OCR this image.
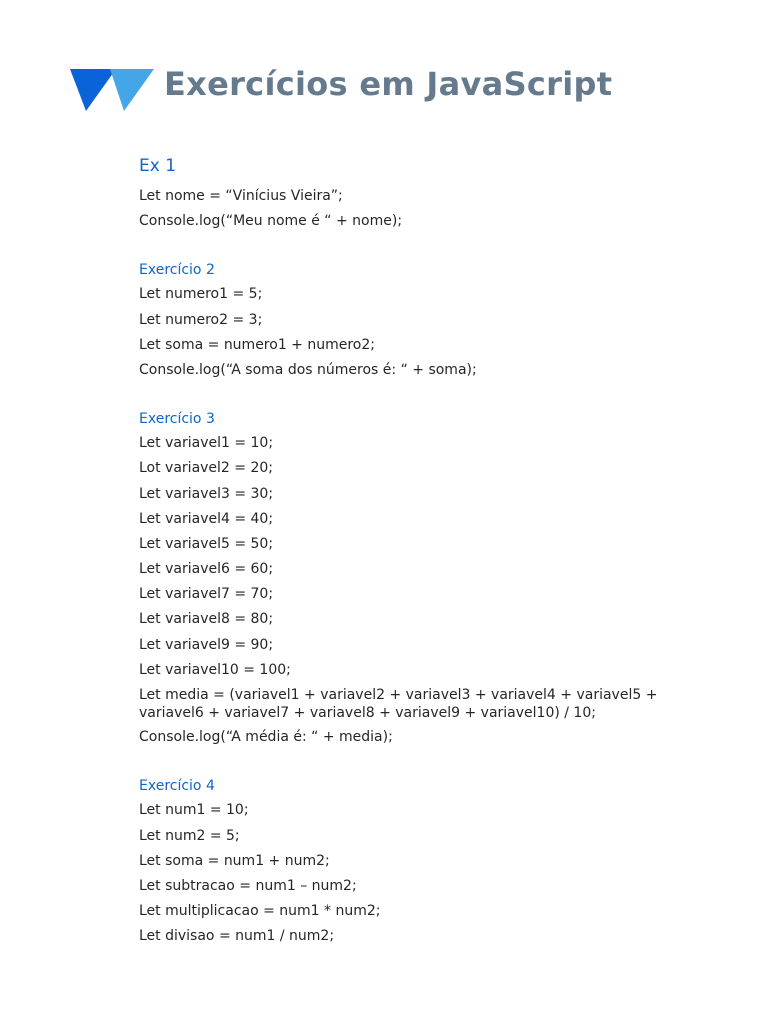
Exercícios em JavaScript
Ex 1
Let nome = “Vinícius Vieira”;
Console.log(“Meu nome é “ + nome);
Exercício 2
Let numero1 = 5;
Let numero2 = 3;
Let soma = numero1 + numero2;
Console.log(“A soma dos números é: “ + soma);
Exercício 3
Let variavel1 = 10;
Lot variavel2 = 20;
Let variavel3 = 30;
Let variavel4 = 40;
Let variavel5 = 50;
Let variavel6 = 60;
Let variavel7 = 70;
Let variavel8 = 80;
Let variavel9 = 90;
Let variavel10 = 100;
Let media = (variavel1 + variavel2 + variavel3 + variavel4 + variavel5 + variavel6 + variavel7 + variavel8 + variavel9 + variavel10) / 10;
Console.log(“A média é: “ + media);
Exercício 4
Let num1 = 10;
Let num2 = 5;
Let soma = num1 + num2;
Let subtracao = num1 – num2;
Let multiplicacao = num1 * num2;
Let divisao = num1 / num2;
